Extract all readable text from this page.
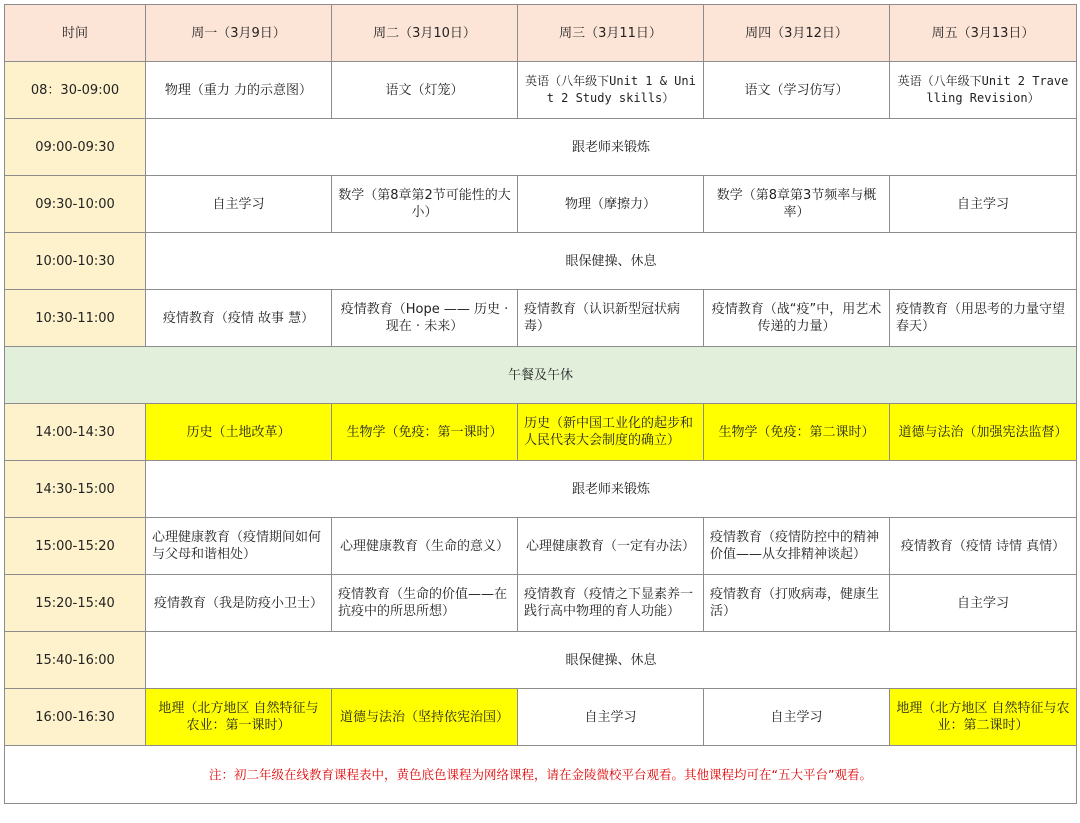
时间	周一（3月9日）	周二（3月10日）	周三（3月11日）	周四（3月12日）	周五（3月13日）
08：30-09:00	物理（重力 力的示意图）	语文（灯笼）	英语（八年级下Unit 1 & Unit 2 Study skills）	语文（学习仿写）	英语（八年级下Unit 2 Travelling Revision）
09:00-09:30	跟老师来锻炼				
09:30-10:00	自主学习	数学（第8章第2节可能性的大小）	物理（摩擦力）	数学（第8章第3节频率与概率）	自主学习
10:00-10:30	眼保健操、休息				
10:30-11:00	疫情教育（疫情 故事 慧）	疫情教育（Hope —— 历史 · 现在 · 未来）	疫情教育（认识新型冠状病毒）	疫情教育（战“疫”中，用艺术传递的力量）	疫情教育（用思考的力量守望春天）
午餐及午休					
14:00-14:30	历史（土地改革）	生物学（免疫：第一课时）	历史（新中国工业化的起步和人民代表大会制度的确立）	生物学（免疫：第二课时）	道德与法治（加强宪法监督）
14:30-15:00	跟老师来锻炼				
15:00-15:20	心理健康教育（疫情期间如何与父母和谐相处）	心理健康教育（生命的意义）	心理健康教育（一定有办法）	疫情教育（疫情防控中的精神价值——从女排精神谈起）	疫情教育（疫情 诗情 真情）
15:20-15:40	疫情教育（我是防疫小卫士）	疫情教育（生命的价值——在抗疫中的所思所想）	疫情教育（疫情之下显素养一践行高中物理的育人功能）	疫情教育（打败病毒，健康生活）	自主学习
15:40-16:00	眼保健操、休息				
16:00-16:30	地理（北方地区 自然特征与农业：第一课时）	道德与法治（坚持依宪治国）	自主学习	自主学习	地理（北方地区 自然特征与农业：第二课时）
注：初二年级在线教育课程表中，黄色底色课程为网络课程，请在金陵微校平台观看。其他课程均可在“五大平台”观看。					
